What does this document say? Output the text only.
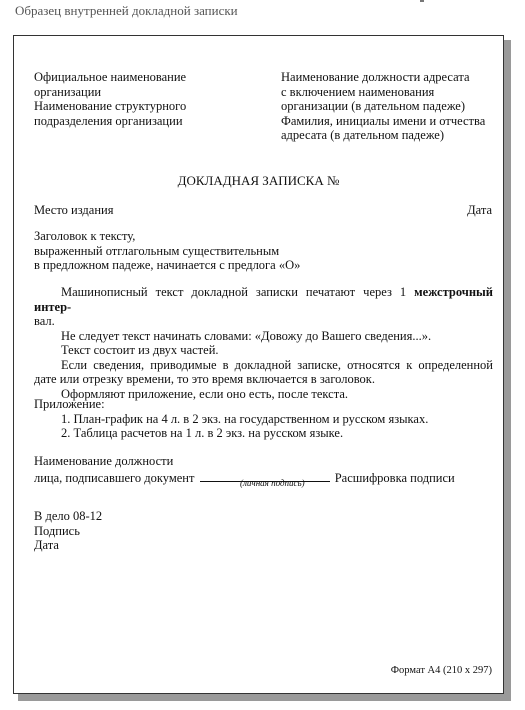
Образец внутренней докладной записки
Официальное наименование
организации
Наименование структурного
подразделения организации
Наименование должности адресата
с включением наименования
организации (в дательном падеже)
Фамилия, инициалы имени и отчества
адресата (в дательном падеже)
ДОКЛАДНАЯ ЗАПИСКА №
Место издания	Дата
Заголовок к тексту,
выраженный отглагольным существительным
в предложном падеже, начинается с предлога «О»

Машинописный текст докладной записки печатают через 1 межстрочный интер-

вал.

Не следует текст начинать словами: «Довожу до Вашего сведения...».

Текст состоит из двух частей.

Если сведения, приводимые в докладной записке, относятся к определенной дате или отрезку времени, то это время включается в заголовок.

Оформляют приложение, если оно есть, после текста.

Приложение:
1. План-график на 4 л. в 2 экз. на государственном и русском языках.
2. Таблица расчетов на 1 л. в 2 экз. на русском языке.
Наименование должности
лица, подписавшего документ	Расшифровка подписи
(личная подпись)
В дело 08-12
Подпись
Дата
Формат А4 (210 x 297)
